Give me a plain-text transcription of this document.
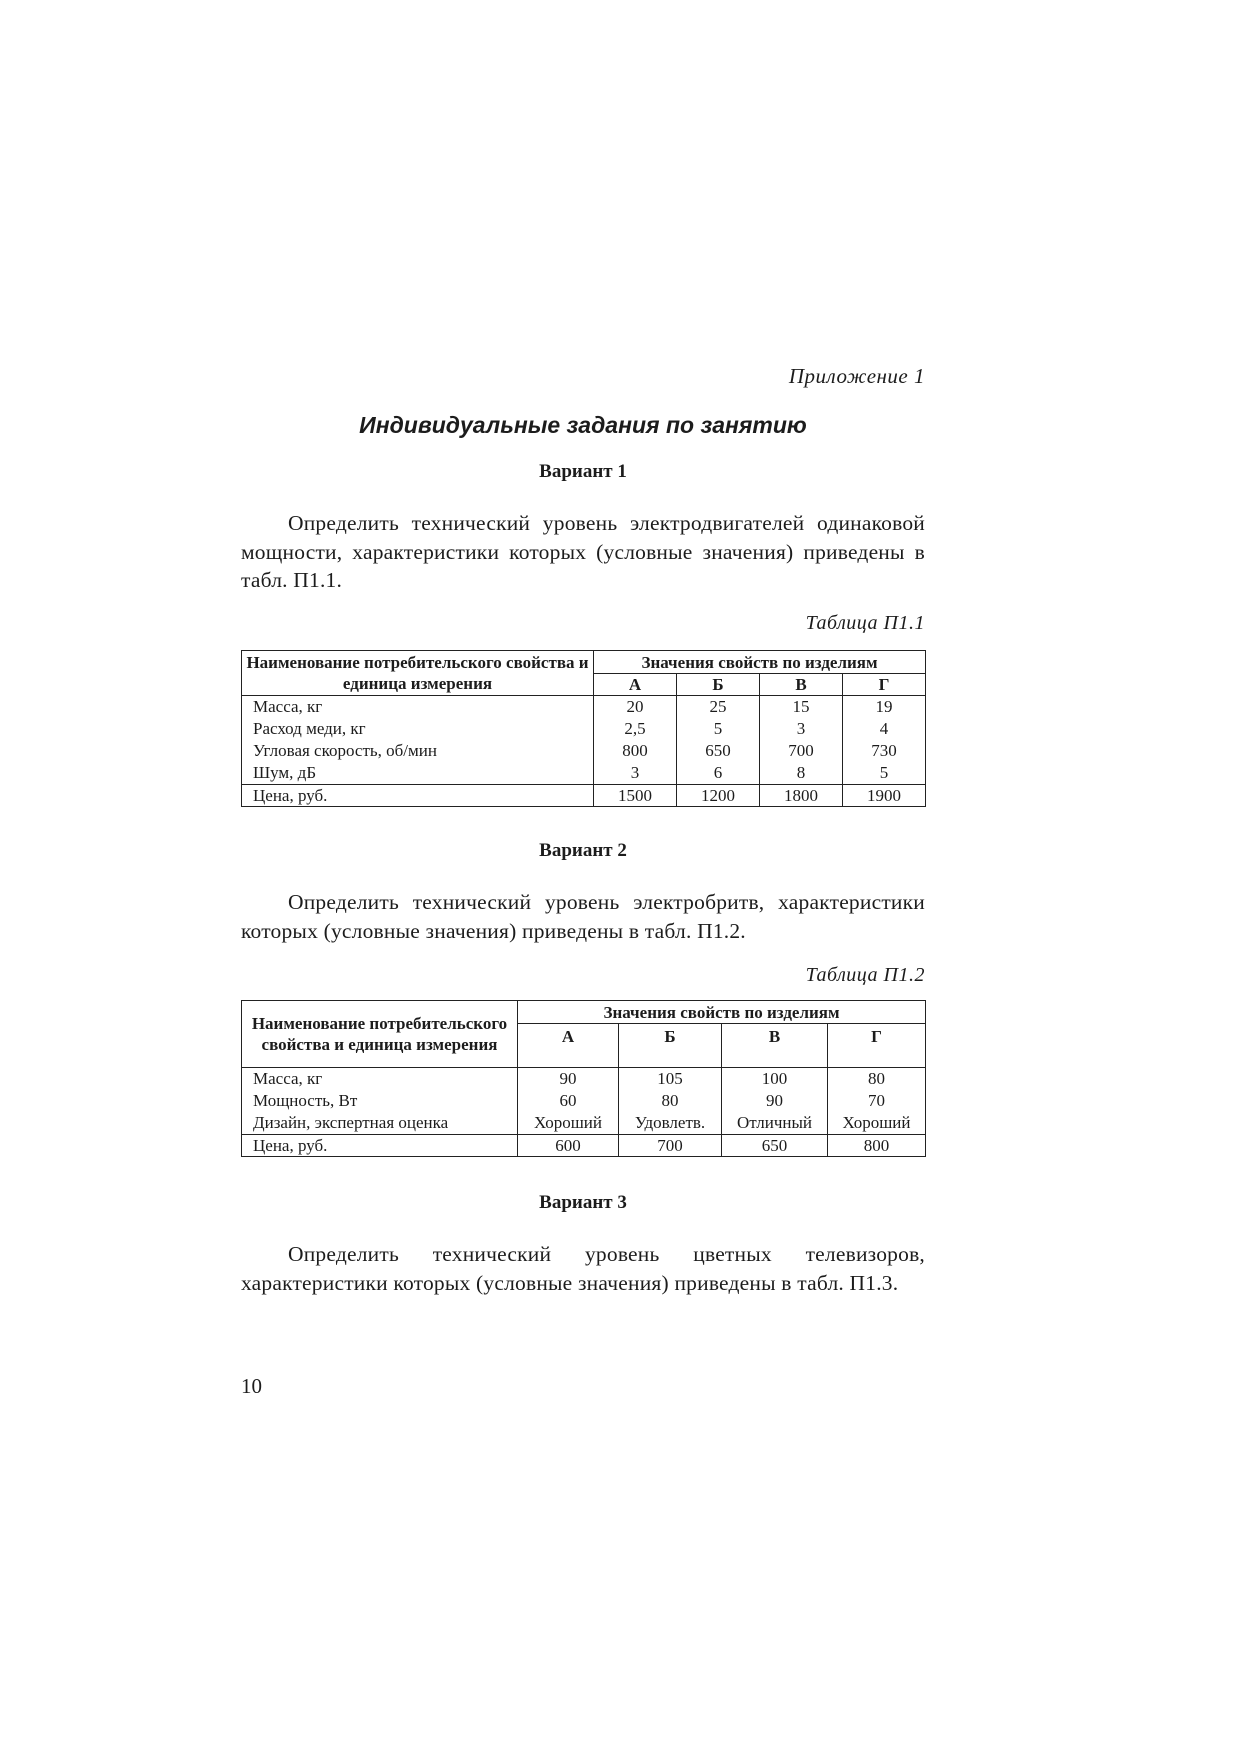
Приложение 1
Индивидуальные задания по занятию
Вариант 1

Определить технический уровень электродвигателей одинаковой мощности, характеристики которых (условные значения) приведены в табл. П1.1.

Таблица П1.1
Наименование потребительского свойства и единица измерения	Значения свойств по изделиям			
	А	Б	В	Г
Масса, кг	20	25	15	19
Расход меди, кг	2,5	5	3	4
Угловая скорость, об/мин	800	650	700	730
Шум, дБ	3	6	8	5
Цена, руб.	1500	1200	1800	1900
Вариант 2

Определить технический уровень электробритв, характеристики которых (условные значения) приведены в табл. П1.2.

Таблица П1.2
Наименование потребительского свойства и единица измерения	Значения свойств по изделиям			
	А	Б	В	Г
Масса, кг	90	105	100	80
Мощность, Вт	60	80	90	70
Дизайн, экспертная оценка	Хороший	Удовлетв.	Отличный	Хороший
Цена, руб.	600	700	650	800
Вариант 3

Определить технический уровень цветных телевизоров, характеристики которых (условные значения) приведены в табл. П1.3.

10
